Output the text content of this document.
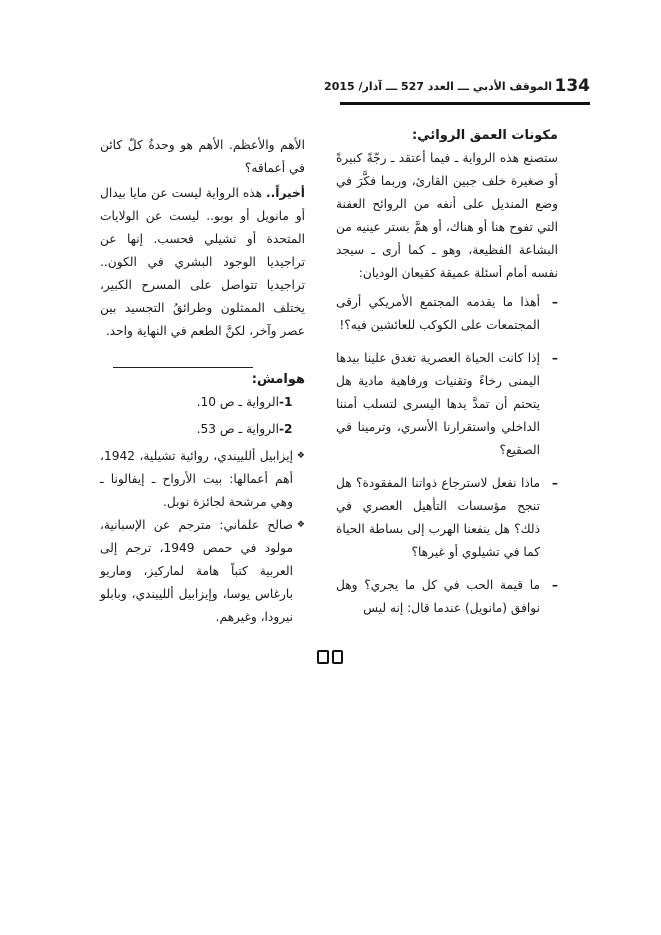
134
الموقف الأدبي ـــ العدد 527 ـــ آذار/ 2015

مكونات العمق الروائي:

ستصنع هذه الرواية ـ فيما أعتقد ـ رجّةً كبيرةً أو صغيرة خلف جبين القارئ، وربما فكَّرَ في وضع المنديل على أنفه من الروائح العفنة التي تفوح هنا أو هناك، أو همَّ بستر عينيه من البشاعة الفظيعة، وهو ـ كما أرى ـ سيجد نفسه أمام أسئلة عميقة كقيعان الوديان:

– أهذا ما يقدمه المجتمع الأمريكي أرقى المجتمعات على الكوكب للعائشين فيه؟!
– إذا كانت الحياة العصرية تغدق علينا بيدها اليمنى رخاءً وتقنيات ورفاهية مادية هل يتحتم أن تمدَّ يدها اليسرى لتسلب أمننا الداخلي واستقرارنا الأسري، وترمينا في الصقيع؟
– ماذا نفعل لاسترجاع ذواتنا المفقودة؟ هل تنجح مؤسسات التأهيل العصري في ذلك؟ هل ينفعنا الهرب إلى بساطة الحياة كما في تشيلوي أو غيرها؟
– ما قيمة الحب في كل ما يجري؟ وهل نوافق (مانويل) عندما قال: إنه ليس

الأهم والأعظم. الأهم هو وحدةُ كلّ كائن في أعماقه؟

أخيراً.. هذه الرواية ليست عن مايا بيدال أو مانويل أو بوبو.. ليست عن الولايات المتحدة أو تشيلي فحسب. إنها عن تراجيديا الوجود البشري في الكون.. تراجيديا تتواصل على المسرح الكبير، يختلف الممثلون وطرائقُ التجسيد بين عصر وآخر، لكنَّ الطعم في النهاية واحد.

هوامش:

-1
الرواية ـ ص 10.
-2
الرواية ـ ص 53.

❖ إيزابيل أللييندي، روائية تشيلية، 1942، أهم أعمالها: بيت الأرواح ـ إيفالونا ـ وهي مرشحة لجائزة نوبل.

❖ صالح علماني: مترجم عن الإسبانية، مولود في حمص 1949، ترجم إلى العربية كتباً هامة لماركيز، وماريو بارغاس يوسا، وإيزابيل أللييندي، وبابلو نيرودا، وغيرهم.
